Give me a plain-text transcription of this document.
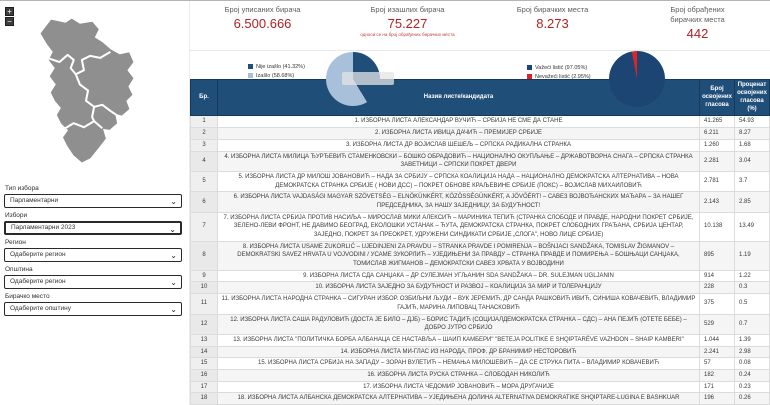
+
−
Тип избора
Парламентарни	⌄
Избори
Парламентарни 2023	⌄
Регион
Одаберите регион	⌄
Општина
Одаберите регион	⌄
Бирачко место
Одаберите општину	⌄
Број уписаних бирача
6.500.666
Број изашлих бирача
75.227
односи се на број обрађених бирачких места
Број бирачких места
8.273
Број обрађених бирачких места
442
Nije izašlo (41.32%)
Izašlo (58.68%)
Važeći listić (97.05%)
Nevažeći listić (2.95%)
Бр.	Назив листе/кандидата	Број освојених гласова	Проценат освојених гласова (%)
1	1. ИЗБОРНА ЛИСТА АЛЕКСАНДАР ВУЧИЋ – СРБИЈА НЕ СМЕ ДА СТАНЕ	41.265	54.93
2	2. ИЗБОРНА ЛИСТА ИВИЦА ДАЧИЋ – ПРЕМИЈЕР СРБИЈЕ	6.211	8.27
3	3. ИЗБОРНА ЛИСТА ДР ВОЈИСЛАВ ШЕШЕЉ – СРПСКА РАДИКАЛНА СТРАНКА	1.260	1.68
4	4. ИЗБОРНА ЛИСТА МИЛИЦА ЂУРЂЕВИЋ СТАМЕНКОВСКИ – БОШКО ОБРАДОВИЋ – НАЦИОНАЛНО ОКУПЉАЊЕ – ДРЖАВОТВОРНА СНАГА – СРПСКА СТРАНКА ЗАВЕТНИЦИ – СРПСКИ ПОКРЕТ ДВЕРИ	2.281	3.04
5	5. ИЗБОРНА ЛИСТА ДР МИЛОШ ЈОВАНОВИЋ – НАДА ЗА СРБИЈУ – СРПСКА КОАЛИЦИЈА НАДА – НАЦИОНАЛНО ДЕМОКРАТСКА АЛТЕРНАТИВА – НОВА ДЕМОКРАТСКА СТРАНКА СРБИЈЕ ( НОВИ ДСС) – ПОКРЕТ ОБНОВЕ КРАЉЕВИНЕ СРБИЈЕ (ПОКС) – ВОЈИСЛАВ МИХАИЛОВИЋ	2.781	3.7
6	6. ИЗБОРНА ЛИСТА VAJDASÁGI MAGYAR SZÖVETSÉG – ELNÖKÜNKÉRT, KÖZÖSSÉGÜNKÉRT, A JÖVŐÉRT! – САВЕЗ ВОЈВОЂАНСКИХ МАЂАРА – ЗА НАШЕГ ПРЕДСЕДНИКА, ЗА НАШУ ЗАЈЕДНИЦУ, ЗА БУДУЋНОСТ!	2.143	2.85
7	7. ИЗБОРНА ЛИСТА СРБИЈА ПРОТИВ НАСИЉА – МИРОСЛАВ МИКИ АЛЕКСИЋ – МАРИНИКА ТЕПИЋ (СТРАНКА СЛОБОДЕ И ПРАВДЕ, НАРОДНИ ПОКРЕТ СРБИЈЕ, ЗЕЛЕНО-ЛЕВИ ФРОНТ, НЕ ДАВИМО БЕОГРАД, ЕКОЛОШКИ УСТАНАК – ЋУТА, ДЕМОКРАТСКА СТРАНКА, ПОКРЕТ СЛОБОДНИХ ГРАЂАНА, СРБИЈА ЦЕНТАР, ЗАЈЕДНО, ПОКРЕТ ЗА ПРЕОКРЕТ, УДРУЖЕНИ СИНДИКАТИ СРБИЈЕ „СЛОГА", НОВО ЛИЦЕ СРБИЈЕ)	10.138	13.49
8	8. ИЗБОРНА ЛИСТА USAME ZUKORLIĆ – UJEDINJENI ZA PRAVDU – STRANKA PRAVDE I POMIRENJA – BOŠNJACI SANDŽAKA, TOMISLAV ŽIGMANOV – DEMOKRATSKI SAVEZ HRVATA U VOJVODINI / УСАМЕ ЗУКОРЛИЋ – УЈЕДИЊЕНИ ЗА ПРАВДУ – СТРАНКА ПРАВДЕ И ПОМИРЕЊА – БОШЊАЦИ САНЏАКА, ТОМИСЛАВ ЖИГМАНОВ – ДЕМОКРАТСКИ САВЕЗ ХРВАТА У ВОЈВОДИНИ	895	1.19
9	9. ИЗБОРНА ЛИСТА СДА САНЏАКА – ДР СУЛЕЈМАН УГЉАНИН SDA SANDŽAKA – DR. SULEJMAN UGLJANIN	914	1.22
10	10. ИЗБОРНА ЛИСТА ЗАЈЕДНО ЗА БУДУЋНОСТ И РАЗВОЈ – КОАЛИЦИЈА ЗА МИР И ТОЛЕРАНЦИЈУ	228	0.3
11	11. ИЗБОРНА ЛИСТА НАРОДНА СТРАНКА – СИГУРАН ИЗБОР. ОЗБИЉНИ ЉУДИ – ВУК ЈЕРЕМИЋ, ДР САНДА РАШКОВИЋ ИВИЋ, СИНИША КОВАЧЕВИЋ, ВЛАДИМИР ГАЈИЋ, МАРИНА ЛИПОВАЦ ТАНАСКОВИЋ	375	0.5
12	12. ИЗБОРНА ЛИСТА САША РАДУЛОВИЋ (ДОСТА ЈЕ БИЛО – ДЈБ) – БОРИС ТАДИЋ (СОЦИЈАЛДЕМОКРАТСКА СТРАНКА – СДС) – АНА ПЕЈИЋ (ОТЕТЕ БЕБЕ) – ДОБРО ЈУТРО СРБИЈО	529	0.7
13	13. ИЗБОРНА ЛИСТА "ПОЛИТИЧКА БОРБА АЛБАНАЦА СЕ НАСТАВЉА – ШАИП КАМБЕРИ" "BETEJA POLITIKE E SHQIPTARËVE VAZHDON – SHAIP KAMBERI"	1.044	1.39
14	14. ИЗБОРНА ЛИСТА МИ-ГЛАС ИЗ НАРОДА, ПРОФ. ДР БРАНИМИР НЕСТОРОВИЋ	2.241	2.98
15	15. ИЗБОРНА ЛИСТА СРБИЈА НА ЗАПАДУ – ЗОРАН ВУЛЕТИЋ – НЕМАЊА МИЛОШЕВИЋ – ДА СЕ СТРУКА ПИТА – ВЛАДИМИР КОВАЧЕВИЋ	57	0.08
16	16. ИЗБОРНА ЛИСТА РУСКА СТРАНКА – СЛОБОДАН НИКОЛИЋ	182	0.24
17	17. ИЗБОРНА ЛИСТА ЧЕДОМИР ЈОВАНОВИЋ – МОРА ДРУГАЧИЈЕ	171	0.23
18	18. ИЗБОРНА ЛИСТА АЛБАНСКА ДЕМОКРАТСКА АЛТЕРНАТИВА – УЈЕДИЊЕНА ДОЛИНА ALTERNATIVA DEMOKRATIKE SHQIPTARE-LUGINA E BASHKUAR	196	0.26
